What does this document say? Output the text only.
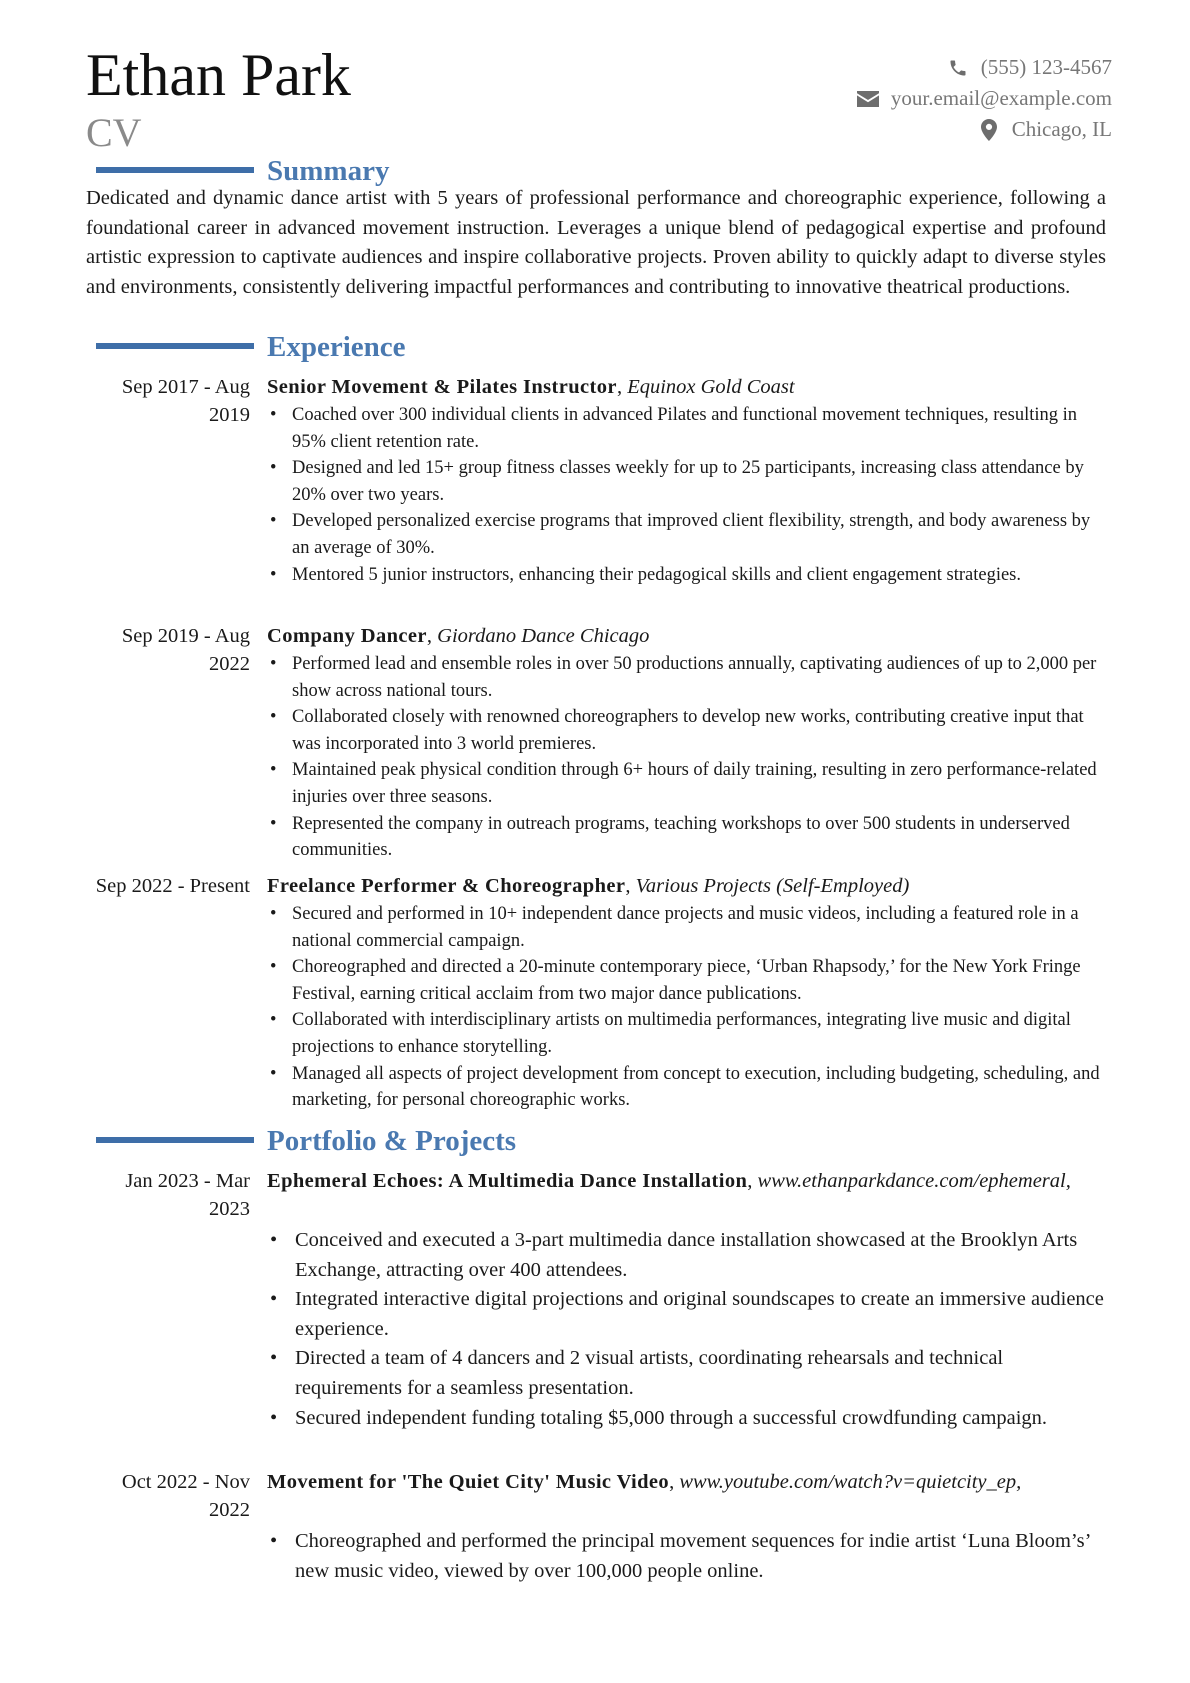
Ethan Park
CV
(555) 123-4567
your.email@example.com
Chicago, IL
Summary

Dedicated and dynamic dance artist with 5 years of professional performance and choreographic experience, following a foundational career in advanced movement instruction. Leverages a unique blend of pedagogical expertise and profound artistic expression to captivate audiences and inspire collaborative projects. Proven ability to quickly adapt to diverse styles and environments, consistently delivering impactful performances and contributing to innovative theatrical productions.

Experience
Sep 2017 - Aug 2019
Senior Movement & Pilates Instructor, Equinox Gold Coast
• Coached over 300 individual clients in advanced Pilates and functional movement techniques, resulting in 95% client retention rate.
• Designed and led 15+ group fitness classes weekly for up to 25 participants, increasing class attendance by 20% over two years.
• Developed personalized exercise programs that improved client flexibility, strength, and body awareness by an average of 30%.
• Mentored 5 junior instructors, enhancing their pedagogical skills and client engagement strategies.
Sep 2019 - Aug 2022
Company Dancer, Giordano Dance Chicago
• Performed lead and ensemble roles in over 50 productions annually, captivating audiences of up to 2,000 per show across national tours.
• Collaborated closely with renowned choreographers to develop new works, contributing creative input that was incorporated into 3 world premieres.
• Maintained peak physical condition through 6+ hours of daily training, resulting in zero performance-related injuries over three seasons.
• Represented the company in outreach programs, teaching workshops to over 500 students in underserved communities.
Sep 2022 - Present Freelance Performer & Choreographer, Various Projects (Self-Employed)
• Secured and performed in 10+ independent dance projects and music videos, including a featured role in a national commercial campaign.
• Choreographed and directed a 20-minute contemporary piece, ‘Urban Rhapsody,’ for the New York Fringe Festival, earning critical acclaim from two major dance publications.
• Collaborated with interdisciplinary artists on multimedia performances, integrating live music and digital projections to enhance storytelling.
• Managed all aspects of project development from concept to execution, including budgeting, scheduling, and marketing, for personal choreographic works.
Portfolio & Projects
Jan 2023 - Mar 2023
Ephemeral Echoes: A Multimedia Dance Installation, www.ethanparkdance.com/ephemeral,
• Conceived and executed a 3-part multimedia dance installation showcased at the Brooklyn Arts Exchange, attracting over 400 attendees.
• Integrated interactive digital projections and original soundscapes to create an immersive audience experience.
• Directed a team of 4 dancers and 2 visual artists, coordinating rehearsals and technical requirements for a seamless presentation.
• Secured independent funding totaling $5,000 through a successful crowdfunding campaign.
Oct 2022 - Nov 2022
Movement for 'The Quiet City' Music Video, www.youtube.com/watch?v=quietcity_ep,
• Choreographed and performed the principal movement sequences for indie artist ‘Luna Bloom’s’ new music video, viewed by over 100,000 people online.
